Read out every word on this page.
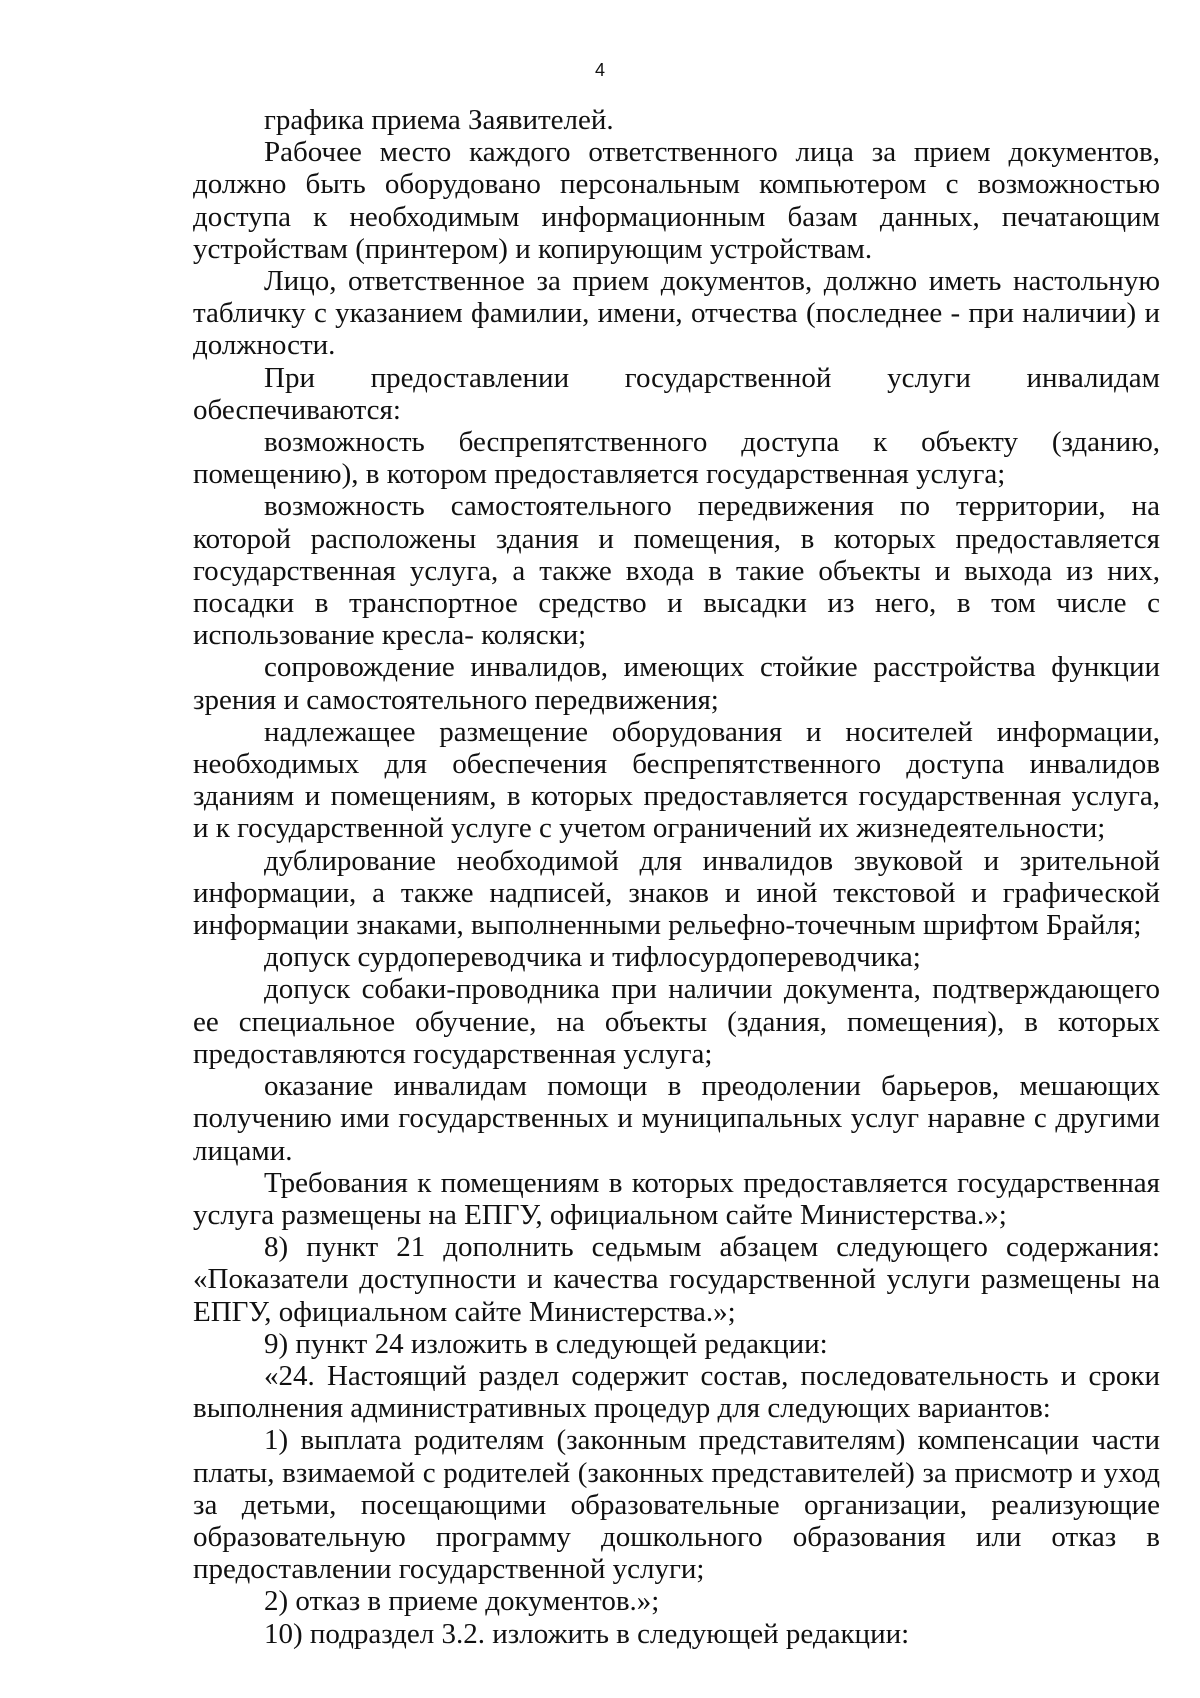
4

графика приема Заявителей.

Рабочее место каждого ответственного лица за прием документов, должно быть оборудовано персональным компьютером с возможностью доступа к необходимым информационным базам данных, печатающим устройствам (принтером) и копирующим устройствам.

Лицо, ответственное за прием документов, должно иметь настольную табличку с указанием фамилии, имени, отчества (последнее - при наличии) и должности.

При предоставлении государственной услуги инвалидам обеспечиваются:

возможность беспрепятственного доступа к объекту (зданию, помещению), в котором предоставляется государственная услуга;

возможность самостоятельного передвижения по территории, на которой расположены здания и помещения, в которых предоставляется государственная услуга, а также входа в такие объекты и выхода из них, посадки в транспортное средство и высадки из него, в том числе с использование кресла- коляски;

сопровождение инвалидов, имеющих стойкие расстройства функции зрения и самостоятельного передвижения;

надлежащее размещение оборудования и носителей информации, необходимых для обеспечения беспрепятственного доступа инвалидов зданиям и помещениям, в которых предоставляется государственная услуга, и к государственной услуге с учетом ограничений их жизнедеятельности;

дублирование необходимой для инвалидов звуковой и зрительной информации, а также надписей, знаков и иной текстовой и графической информации знаками, выполненными рельефно-точечным шрифтом Брайля;

допуск сурдопереводчика и тифлосурдопереводчика;

допуск собаки-проводника при наличии документа, подтверждающего ее специальное обучение, на объекты (здания, помещения), в которых предоставляются государственная услуга;

оказание инвалидам помощи в преодолении барьеров, мешающих получению ими государственных и муниципальных услуг наравне с другими лицами.

Требования к помещениям в которых предоставляется государственная услуга размещены на ЕПГУ, официальном сайте Министерства.»;

8) пункт 21 дополнить седьмым абзацем следующего содержания: «Показатели доступности и качества государственной услуги размещены на ЕПГУ, официальном сайте Министерства.»;

9) пункт 24 изложить в следующей редакции:

«24. Настоящий раздел содержит состав, последовательность и сроки выполнения административных процедур для следующих вариантов:

1) выплата родителям (законным представителям) компенсации части платы, взимаемой с родителей (законных представителей) за присмотр и уход за детьми, посещающими образовательные организации, реализующие образовательную программу дошкольного образования или отказ в предоставлении государственной услуги;

2) отказ в приеме документов.»;

10) подраздел 3.2. изложить в следующей редакции:
